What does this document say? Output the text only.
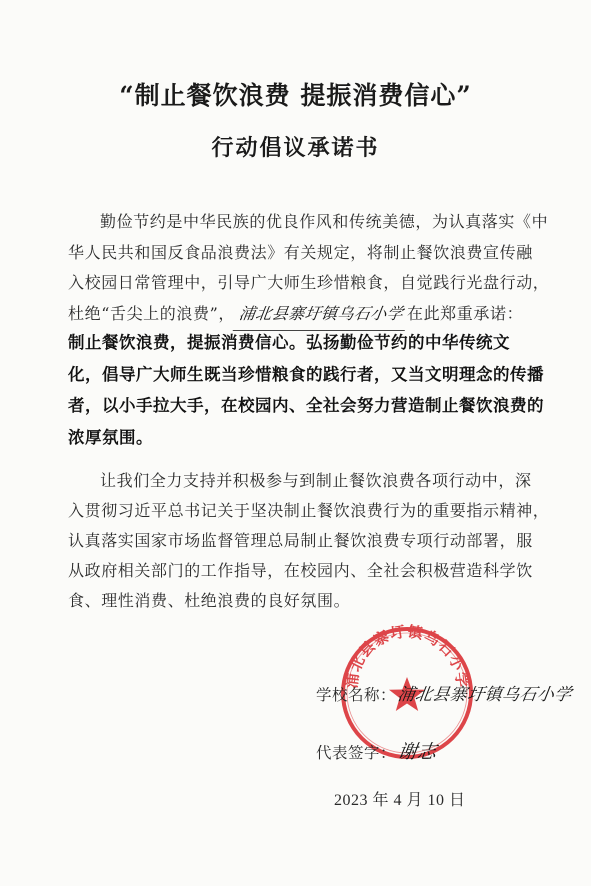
“制止餐饮浪费 提振消费信心”
行动倡议承诺书
勤俭节约是中华民族的优良作风和传统美德，为认真落实《中
华人民共和国反食品浪费法》有关规定，将制止餐饮浪费宣传融
入校园日常管理中，引导广大师生珍惜粮食，自觉践行光盘行动，
杜绝“舌尖上的浪费”， 浦北县寨圩镇乌石小学 在此郑重承诺：
制止餐饮浪费，提振消费信心。弘扬勤俭节约的中华传统文
化，倡导广大师生既当珍惜粮食的践行者，又当文明理念的传播
者，以小手拉大手，在校园内、全社会努力营造制止餐饮浪费的
浓厚氛围。
让我们全力支持并积极参与到制止餐饮浪费各项行动中，深
入贯彻习近平总书记关于坚决制止餐饮浪费行为的重要指示精神，
认真落实国家市场监督管理总局制止餐饮浪费专项行动部署，服
从政府相关部门的工作指导，在校园内、全社会积极营造科学饮
食、理性消费、杜绝浪费的良好氛围。
浦北县寨圩镇乌石小学
学校名称：浦北县寨圩镇乌石小学
代表签字：谢志
2023 年 4 月 10 日
